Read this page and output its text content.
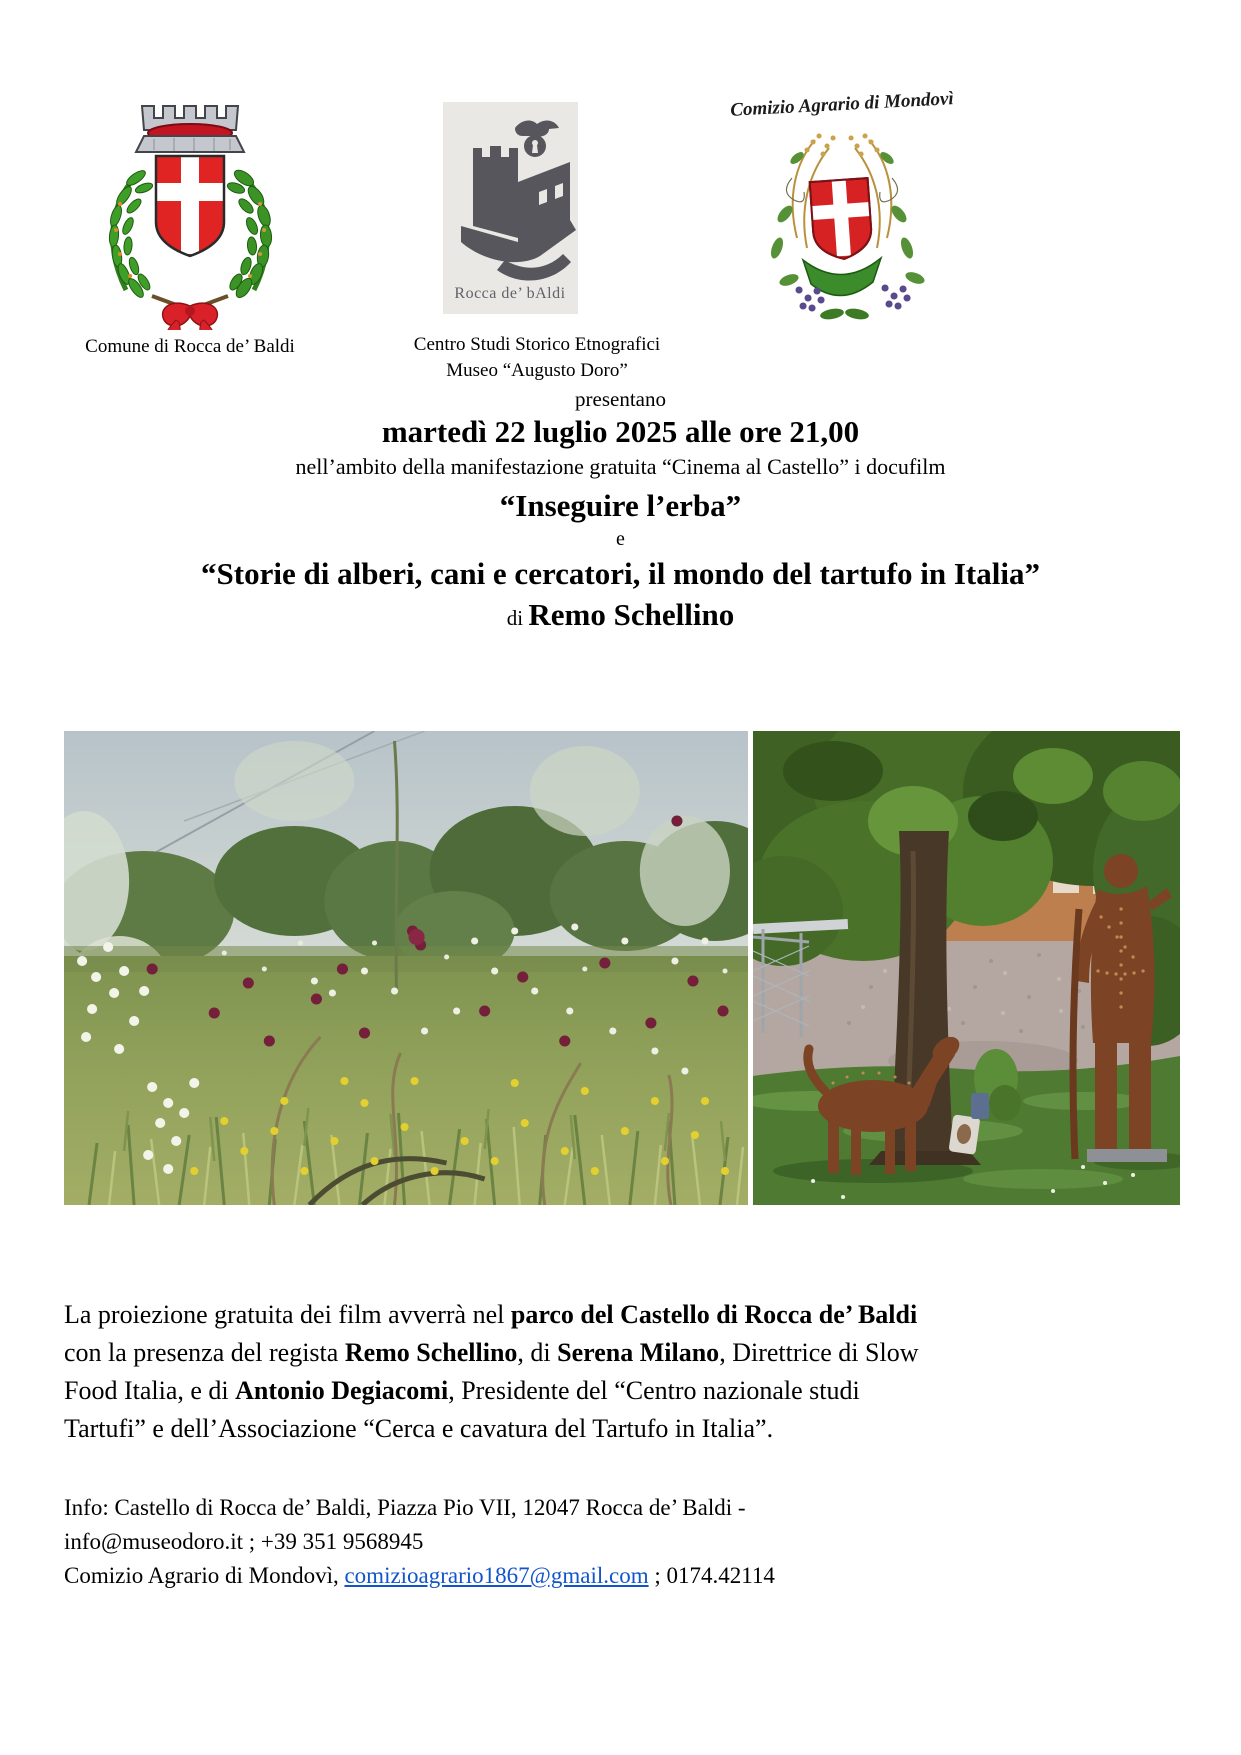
Comune di Rocca de’ Baldi
Rocca de’ bAldi
Centro Studi Storico Etnografici
Museo “Augusto Doro”
Comizio Agrario di Mondovì
presentano
martedì 22 luglio 2025 alle ore 21,00
nell’ambito della manifestazione gratuita “Cinema al Castello” i docufilm
“Inseguire l’erba”
e
“Storie di alberi, cani e cercatori, il mondo del tartufo in Italia”
di Remo Schellino

La proiezione gratuita dei film avverrà nel parco del Castello di Rocca de’ Baldi
con la presenza del regista Remo Schellino, di Serena Milano, Direttrice di Slow
Food Italia, e di Antonio Degiacomi, Presidente del “Centro nazionale studi
Tartufi” e dell’Associazione “Cerca e cavatura del Tartufo in Italia”.

Info: Castello di Rocca de’ Baldi, Piazza Pio VII, 12047 Rocca de’ Baldi -
info@museodoro.it ; +39 351 9568945
Comizio Agrario di Mondovì, comizioagrario1867@gmail.com ; 0174.42114
